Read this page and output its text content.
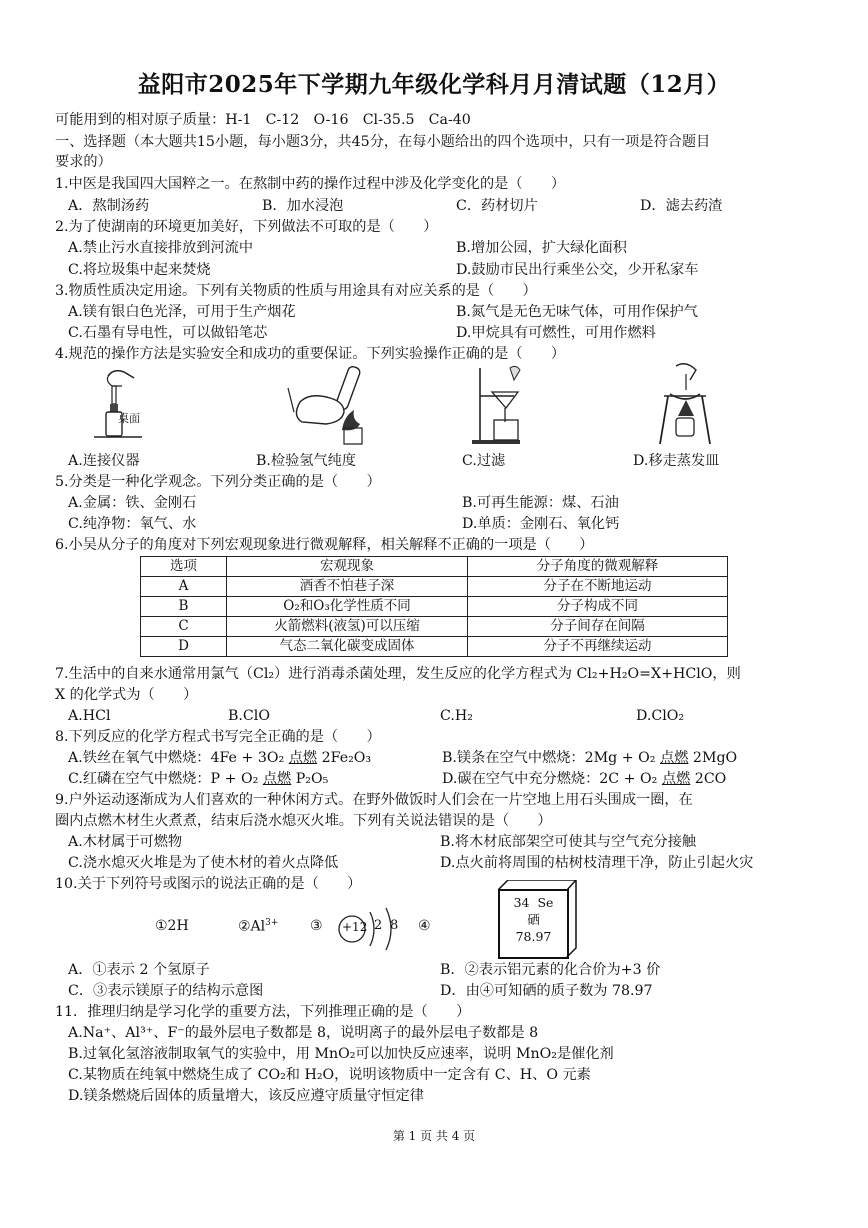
益阳市2025年下学期九年级化学科月月清试题（12月）
可能用到的相对原子质量：H-1　C-12　O-16　Cl-35.5　Ca-40
一、选择题（本大题共15小题，每小题3分，共45分，在每小题给出的四个选项中，只有一项是符合题目
要求的）
1.中医是我国四大国粹之一。在熬制中药的操作过程中涉及化学变化的是（　　）
A．熬制汤药	B．加水浸泡	C．药材切片	D．滤去药渣
2.为了使湖南的环境更加美好，下列做法不可取的是（　　）
A.禁止污水直接排放到河流中	B.增加公园，扩大绿化面积
C.将垃圾集中起来焚烧	D.鼓励市民出行乘坐公交，少开私家车
3.物质性质决定用途。下列有关物质的性质与用途具有对应关系的是（　　）
A.镁有银白色光泽，可用于生产烟花	B.氮气是无色无味气体，可用作保护气
C.石墨有导电性，可以做铅笔芯	D.甲烷具有可燃性，可用作燃料
4.规范的操作方法是实验安全和成功的重要保证。下列实验操作正确的是（　　）
桌面
A.连接仪器	B.检验氢气纯度	C.过滤	D.移走蒸发皿
5.分类是一种化学观念。下列分类正确的是（　　）
A.金属：铁、金刚石	B.可再生能源：煤、石油
C.纯净物：氧气、水	D.单质：金刚石、氧化钙
6.小吴从分子的角度对下列宏观现象进行微观解释，相关解释不正确的一项是（　　）
选项	宏观现象	分子角度的微观解释
A	酒香不怕巷子深	分子在不断地运动
B	O₂和O₃化学性质不同	分子构成不同
C	火箭燃料(液氢)可以压缩	分子间存在间隔
D	气态二氧化碳变成固体	分子不再继续运动
7.生活中的自来水通常用氯气（Cl₂）进行消毒杀菌处理，发生反应的化学方程式为 Cl₂+H₂O=X+HClO，则
X 的化学式为（　　）
A.HCl	B.ClO	C.H₂	D.ClO₂
8.下列反应的化学方程式书写完全正确的是（　　）
A.铁丝在氧气中燃烧：4Fe + 3O₂ 点燃 2Fe₂O₃	B.镁条在空气中燃烧：2Mg + O₂ 点燃 2MgO
C.红磷在空气中燃烧：P + O₂ 点燃 P₂O₅	D.碳在空气中充分燃烧：2C + O₂ 点燃 2CO
9.户外运动逐渐成为人们喜欢的一种休闲方式。在野外做饭时人们会在一片空地上用石头围成一圈，在
圈内点燃木材生火煮煮，结束后浇水熄灭火堆。下列有关说法错误的是（　　）
A.木材属于可燃物	B.将木材底部架空可使其与空气充分接触
C.浇水熄灭火堆是为了使木材的着火点降低	D.点火前将周围的枯树枝清理干净，防止引起火灾
10.关于下列符号或图示的说法正确的是（　　）
①2H	$②Al^{3+}$ ③ +12 2 8 ④
34 Se
硒
78.97
A．①表示 2 个氢原子	B．②表示铝元素的化合价为+3 价
C．③表示镁原子的结构示意图	D．由④可知硒的质子数为 78.97
11．推理归纳是学习化学的重要方法，下列推理正确的是（　　）
A.Na⁺、Al³⁺、F⁻的最外层电子数都是 8，说明离子的最外层电子数都是 8
B.过氧化氢溶液制取氧气的实验中，用 MnO₂可以加快反应速率，说明 MnO₂是催化剂
C.某物质在纯氧中燃烧生成了 CO₂和 H₂O，说明该物质中一定含有 C、H、O 元素
D.镁条燃烧后固体的质量增大，该反应遵守质量守恒定律
第 1 页 共 4 页
